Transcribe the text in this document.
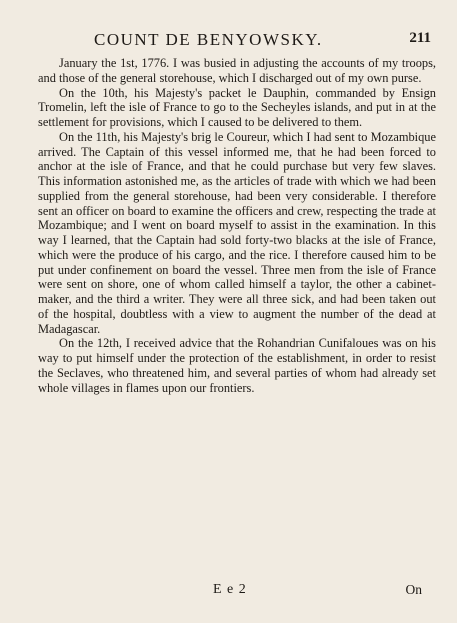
COUNT DE BENYOWSKY.	211

January the 1st, 1776. I was busied in adjusting the accounts of my troops, and those of the general storehouse, which I discharged out of my own purse.

On the 10th, his Majesty's packet le Dauphin, commanded by Ensign Tromelin, left the isle of France to go to the Secheyles islands, and put in at the settlement for provisions, which I caused to be delivered to them.

On the 11th, his Majesty's brig le Coureur, which I had sent to Mozambique arrived. The Captain of this vessel informed me, that he had been forced to anchor at the isle of France, and that he could purchase but very few slaves. This information astonished me, as the articles of trade with which we had been supplied from the general storehouse, had been very considerable. I therefore sent an officer on board to examine the officers and crew, respecting the trade at Mozambique; and I went on board myself to assist in the examination. In this way I learned, that the Captain had sold forty-two blacks at the isle of France, which were the produce of his cargo, and the rice. I therefore caused him to be put under confinement on board the vessel. Three men from the isle of France were sent on shore, one of whom called himself a taylor, the other a cabinet-maker, and the third a writer. They were all three sick, and had been taken out of the hospital, doubtless with a view to augment the number of the dead at Madagascar.

On the 12th, I received advice that the Rohandrian Cunifaloues was on his way to put himself under the protection of the establishment, in order to resist the Seclaves, who threatened him, and several parties of whom had already set whole villages in flames upon our frontiers.

E e 2	On
